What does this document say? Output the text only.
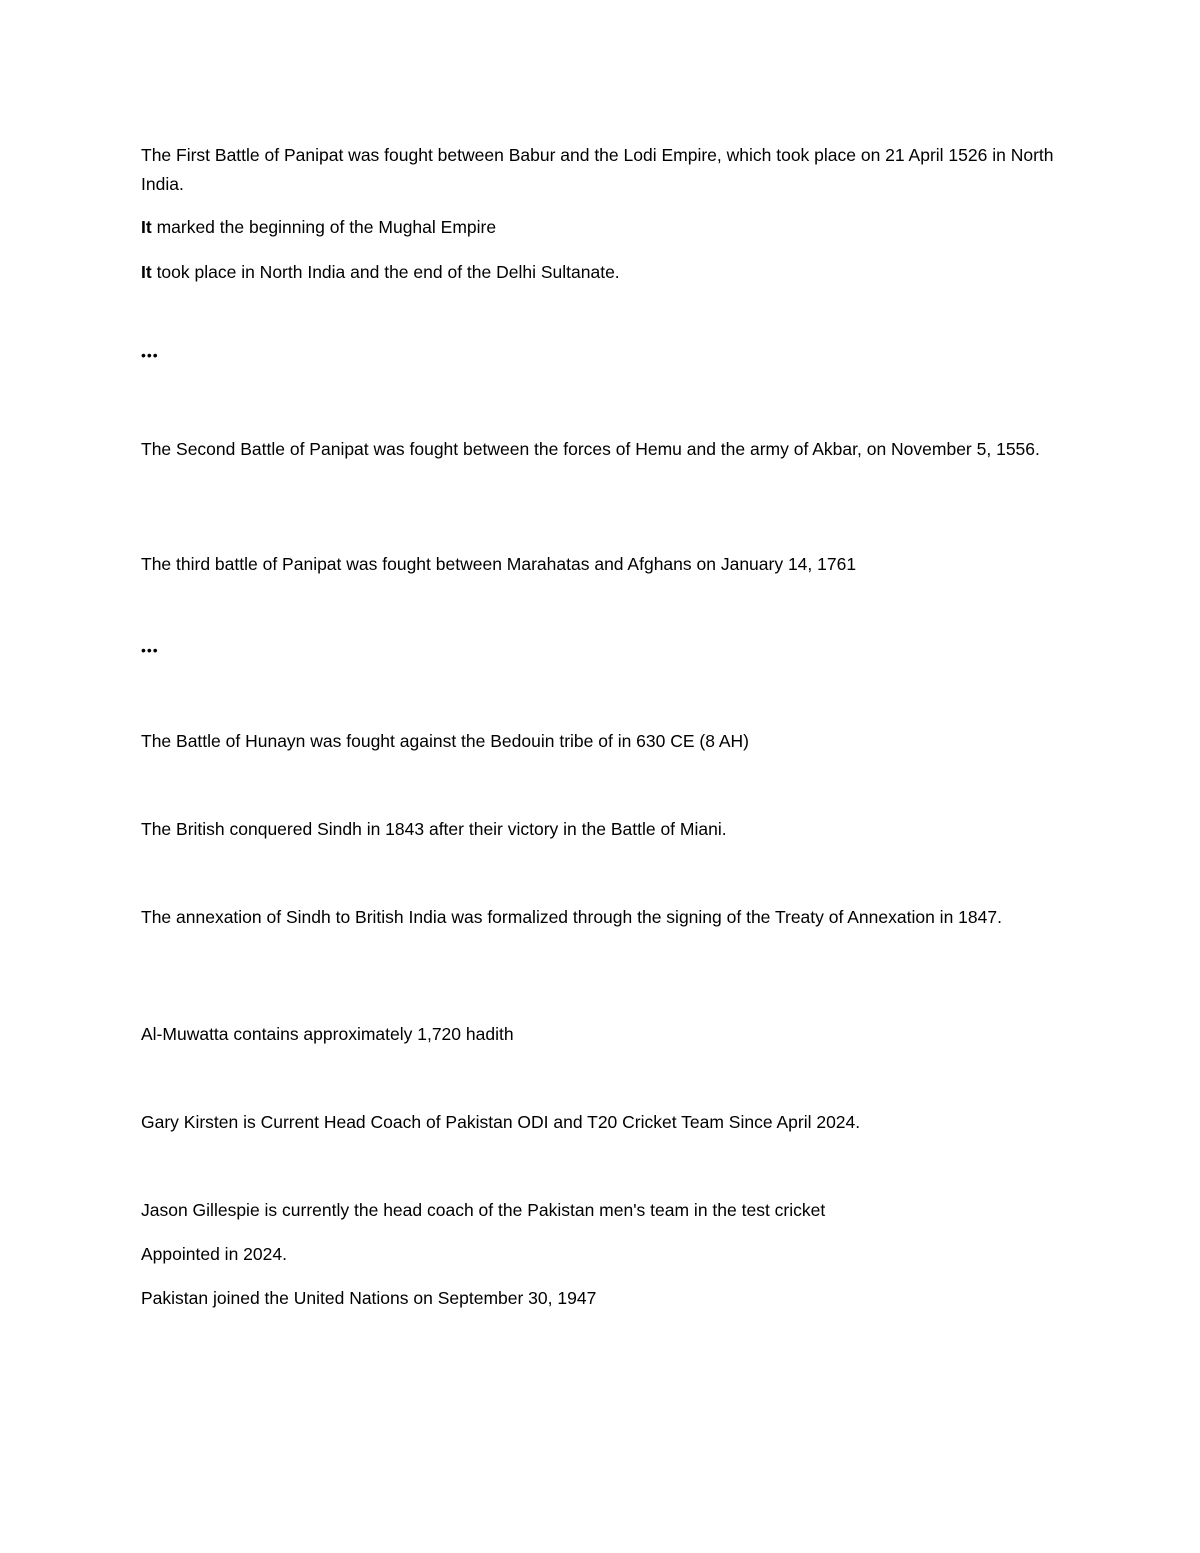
The First Battle of Panipat was fought between Babur and the Lodi Empire, which took place on 21 April 1526 in North India.

It marked the beginning of the Mughal Empire

It took place in North India and the end of the Delhi Sultanate.

•••

The Second Battle of Panipat was fought between the forces of Hemu and the army of Akbar, on November 5, 1556.

The third battle of Panipat was fought between Marahatas and Afghans on January 14, 1761

•••

The Battle of Hunayn was fought against the Bedouin tribe of in 630 CE (8 AH)

The British conquered Sindh in 1843 after their victory in the Battle of Miani.

The annexation of Sindh to British India was formalized through the signing of the Treaty of Annexation in 1847.

Al-Muwatta contains approximately 1,720 hadith

Gary Kirsten is Current Head Coach of Pakistan ODI and T20 Cricket Team Since April 2024.

Jason Gillespie is currently the head coach of the Pakistan men's team in the test cricket

Appointed in 2024.

Pakistan joined the United Nations on September 30, 1947
